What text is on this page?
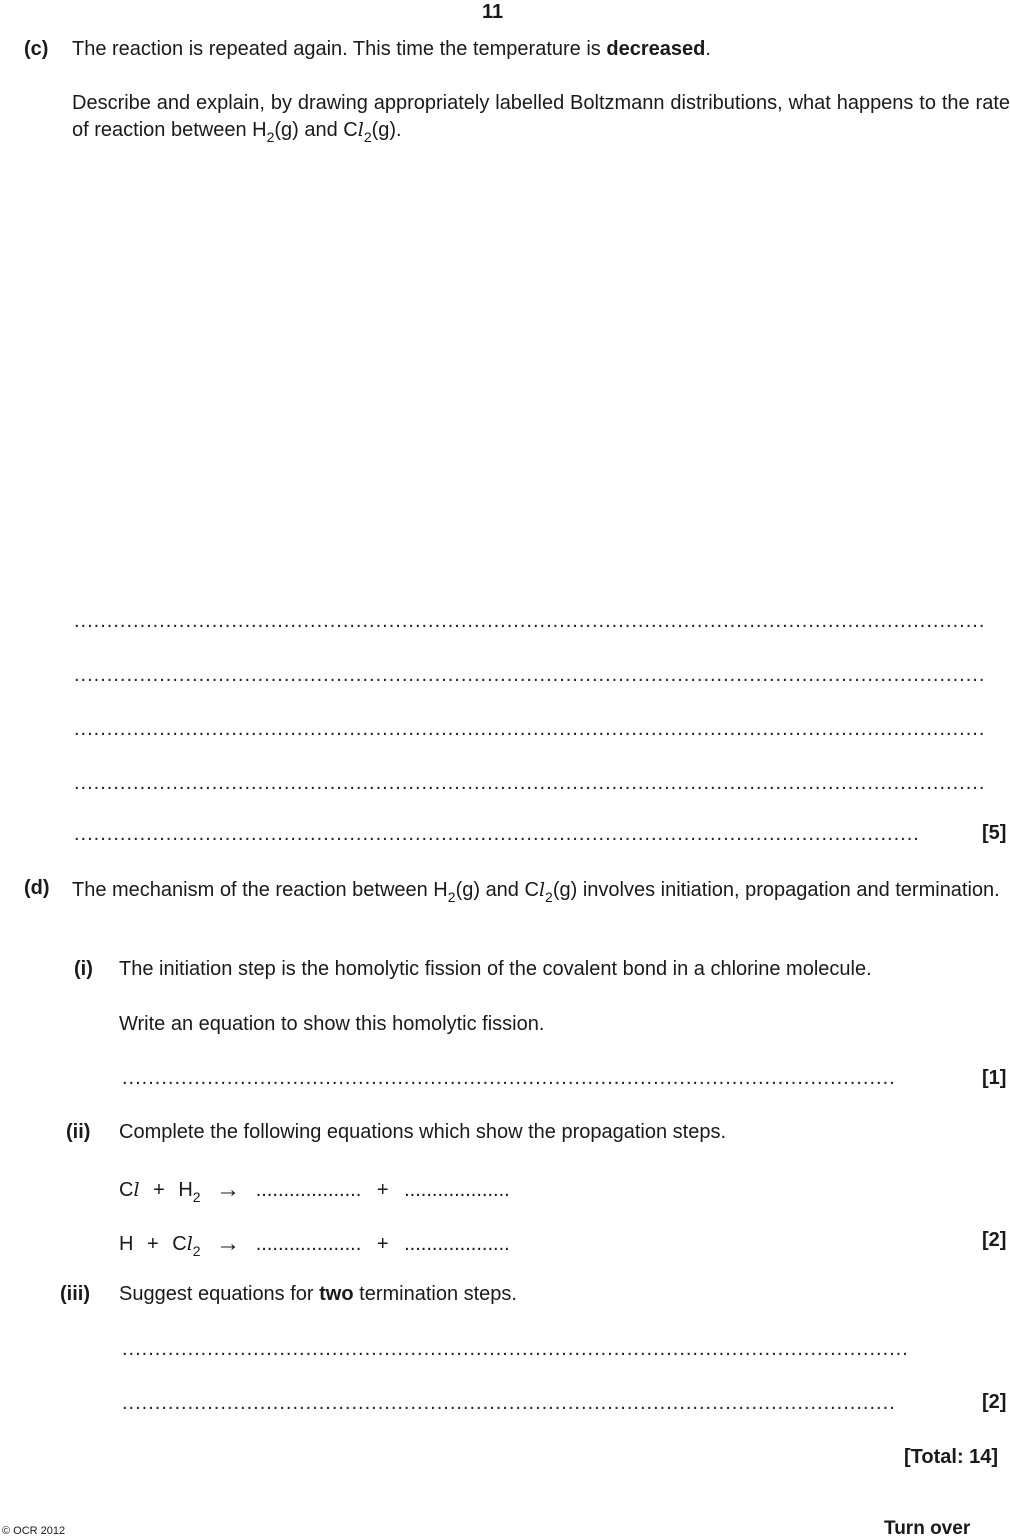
11
(c) The reaction is repeated again. This time the temperature is decreased.
Describe and explain, by drawing appropriately labelled Boltzmann distributions, what happens to the rate of reaction between $H_2(g)$ and $Cl_2(g)$.
...........................................................................................................................................
...........................................................................................................................................
...........................................................................................................................................
...........................................................................................................................................
.................................................................................................................................	[5]
(d) The mechanism of the reaction between $H_2(g)$ and $Cl_2(g)$ involves initiation, propagation and termination.
(i) The initiation step is the homolytic fission of the covalent bond in a chlorine molecule.
Write an equation to show this homolytic fission.
......................................................................................................................	[1]
(ii) Complete the following equations which show the propagation steps.
$Cl + H_2$ → ................... + ...................
$H + Cl_2$ → ................... + ...................	[2]
(iii) Suggest equations for two termination steps.
........................................................................................................................
......................................................................................................................	[2]
[Total: 14]
© OCR 2012	Turn over
